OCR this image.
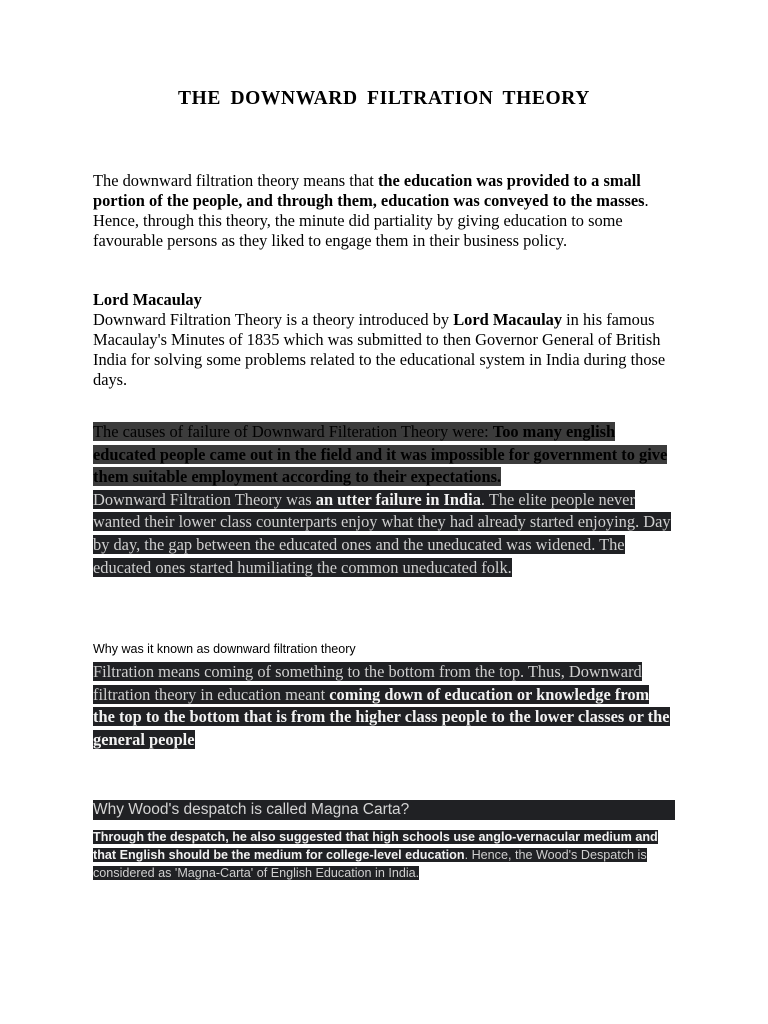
THE DOWNWARD FILTRATION THEORY
The downward filtration theory means that the education was provided to a small portion of the people, and through them, education was conveyed to the masses. Hence, through this theory, the minute did partiality by giving education to some favourable persons as they liked to engage them in their business policy.
Lord Macaulay
Downward Filtration Theory is a theory introduced by Lord Macaulay in his famous Macaulay's Minutes of 1835 which was submitted to then Governor General of British India for solving some problems related to the educational system in India during those days.
The causes of failure of Downward Filteration Theory were: Too many english educated people came out in the field and it was impossible for government to give them suitable employment according to their expectations.
Downward Filtration Theory was an utter failure in India. The elite people never wanted their lower class counterparts enjoy what they had already started enjoying. Day by day, the gap between the educated ones and the uneducated was widened. The educated ones started humiliating the common uneducated folk.
Why was it known as downward filtration theory
Filtration means coming of something to the bottom from the top. Thus, Downward filtration theory in education meant coming down of education or knowledge from the top to the bottom that is from the higher class people to the lower classes or the general people
Why Wood's despatch is called Magna Carta?
Through the despatch, he also suggested that high schools use anglo-vernacular medium and that English should be the medium for college-level education. Hence, the Wood's Despatch is considered as 'Magna-Carta' of English Education in India.
